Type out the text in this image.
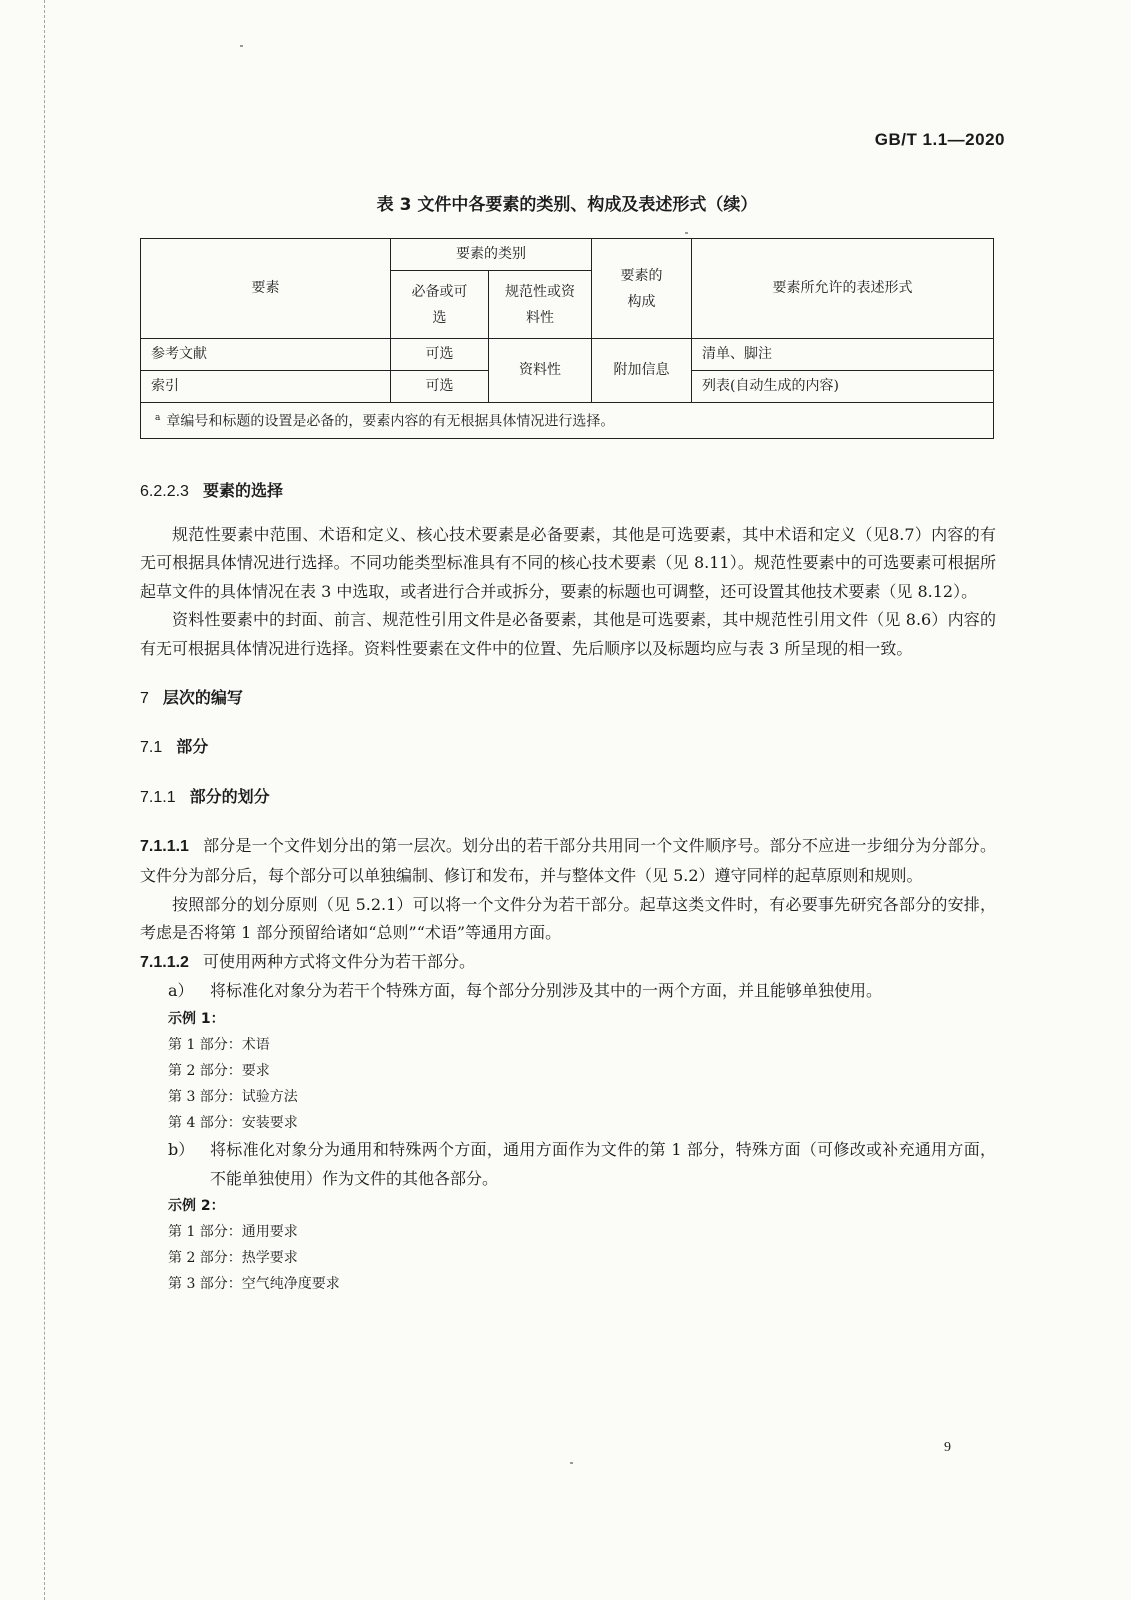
GB/T 1.1—2020
表 3 文件中各要素的类别、构成及表述形式（续）
要素	要素的类别		要素的构成	要素所允许的表述形式

	必备或可选	规范性或资料性		

参考文献	可选	资料性	附加信息	清单、脚注
索引	可选			列表(自动生成的内容)
$^a$ 章编号和标题的设置是必备的，要素内容的有无根据具体情况进行选择。				

6.2.2.3 要素的选择

规范性要素中范围、术语和定义、核心技术要素是必备要素，其他是可选要素，其中术语和定义（见8.7）内容的有无可根据具体情况进行选择。不同功能类型标准具有不同的核心技术要素（见 8.11）。规范性要素中的可选要素可根据所起草文件的具体情况在表 3 中选取，或者进行合并或拆分，要素的标题也可调整，还可设置其他技术要素（见 8.12）。

资料性要素中的封面、前言、规范性引用文件是必备要素，其他是可选要素，其中规范性引用文件（见 8.6）内容的有无可根据具体情况进行选择。资料性要素在文件中的位置、先后顺序以及标题均应与表 3 所呈现的相一致。

7 层次的编写

7.1 部分

7.1.1 部分的划分

7.1.1.1 部分是一个文件划分出的第一层次。划分出的若干部分共用同一个文件顺序号。部分不应进一步细分为分部分。文件分为部分后，每个部分可以单独编制、修订和发布，并与整体文件（见 5.2）遵守同样的起草原则和规则。

按照部分的划分原则（见 5.2.1）可以将一个文件分为若干部分。起草这类文件时，有必要事先研究各部分的安排，考虑是否将第 1 部分预留给诸如“总则”“术语”等通用方面。

7.1.1.2 可使用两种方式将文件分为若干部分。

a）	将标准化对象分为若干个特殊方面，每个部分分别涉及其中的一两个方面，并且能够单独使用。
示例 1：
第 1 部分：术语
第 2 部分：要求
第 3 部分：试验方法
第 4 部分：安装要求
b） 将标准化对象分为通用和特殊两个方面，通用方面作为文件的第 1 部分，特殊方面（可修改或补充通用方面，不能单独使用）作为文件的其他各部分。
示例 2：
第 1 部分：通用要求
第 2 部分：热学要求
第 3 部分：空气纯净度要求
9
